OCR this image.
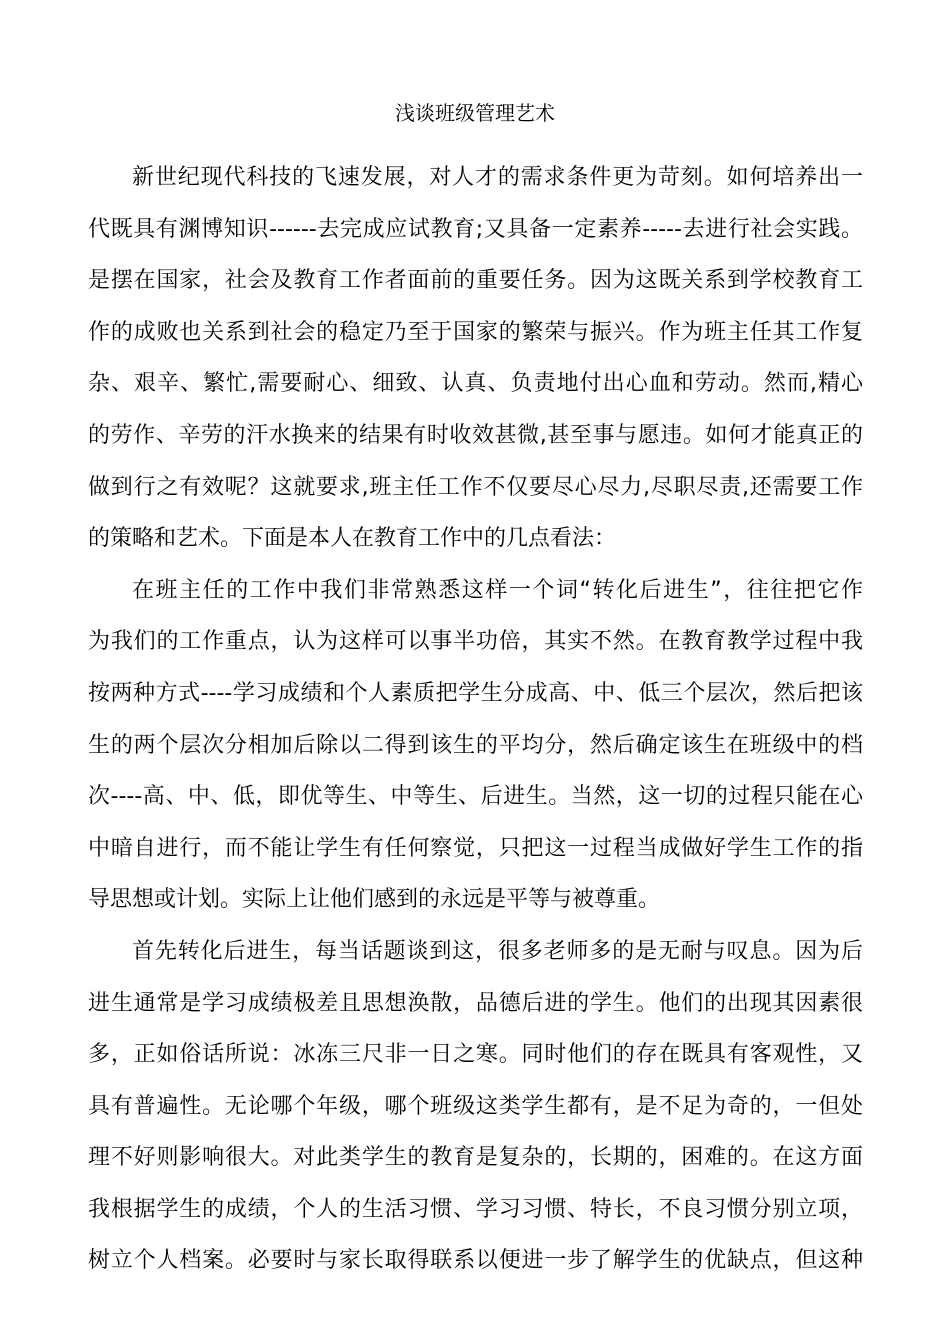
浅谈班级管理艺术
新世纪现代科技的飞速发展，对人才的需求条件更为苛刻。如何培养出一
代既具有渊博知识------去完成应试教育;又具备一定素养-----去进行社会实践。
是摆在国家，社会及教育工作者面前的重要任务。因为这既关系到学校教育工
作的成败也关系到社会的稳定乃至于国家的繁荣与振兴。作为班主任其工作复
杂、艰辛、繁忙,需要耐心、细致、认真、负责地付出心血和劳动。然而,精心
的劳作、辛劳的汗水换来的结果有时收效甚微,甚至事与愿违。如何才能真正的
做到行之有效呢？这就要求,班主任工作不仅要尽心尽力,尽职尽责,还需要工作
的策略和艺术。下面是本人在教育工作中的几点看法：
在班主任的工作中我们非常熟悉这样一个词“转化后进生”，往往把它作
为我们的工作重点，认为这样可以事半功倍，其实不然。在教育教学过程中我
按两种方式----学习成绩和个人素质把学生分成高、中、低三个层次，然后把该
生的两个层次分相加后除以二得到该生的平均分，然后确定该生在班级中的档
次----高、中、低，即优等生、中等生、后进生。当然，这一切的过程只能在心
中暗自进行，而不能让学生有任何察觉，只把这一过程当成做好学生工作的指
导思想或计划。实际上让他们感到的永远是平等与被尊重。
首先转化后进生，每当话题谈到这，很多老师多的是无耐与叹息。因为后
进生通常是学习成绩极差且思想涣散，品德后进的学生。他们的出现其因素很
多，正如俗话所说：冰冻三尺非一日之寒。同时他们的存在既具有客观性，又
具有普遍性。无论哪个年级，哪个班级这类学生都有，是不足为奇的，一但处
理不好则影响很大。对此类学生的教育是复杂的，长期的，困难的。在这方面
我根据学生的成绩，个人的生活习惯、学习习惯、特长，不良习惯分别立项，
树立个人档案。必要时与家长取得联系以便进一步了解学生的优缺点，但这种
